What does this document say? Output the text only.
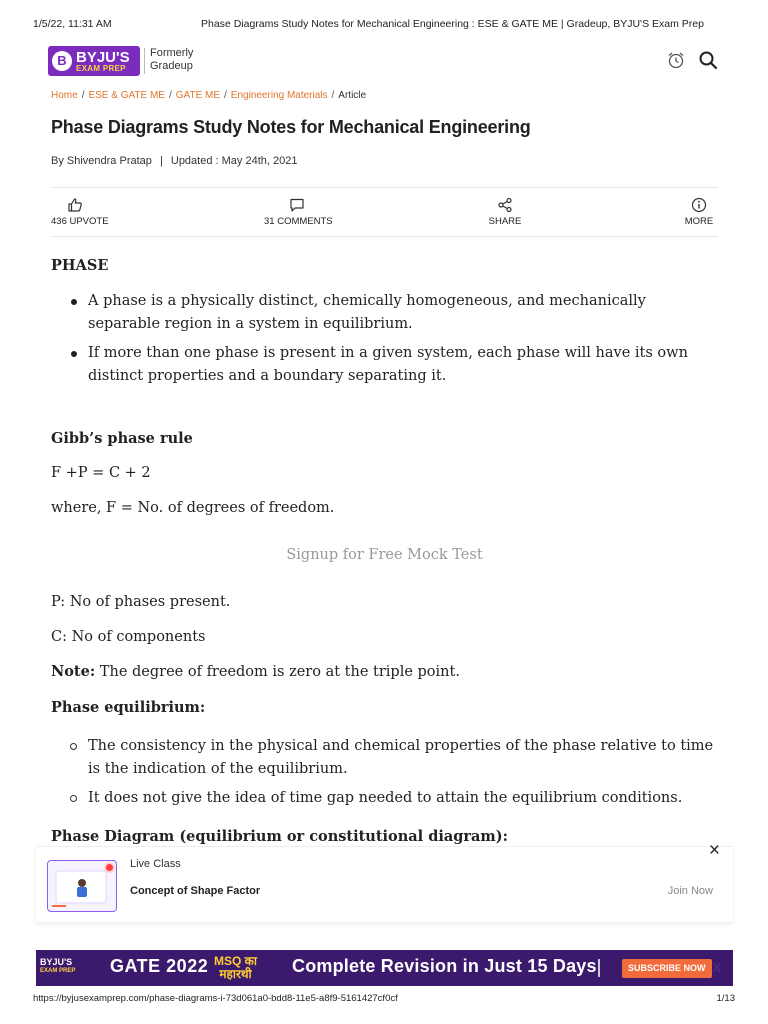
1/5/22, 11:31 AM	Phase Diagrams Study Notes for Mechanical Engineering : ESE & GATE ME | Gradeup, BYJU'S Exam Prep
B BYJU'S
EXAM PREP
Formerly
Gradeup
Home / ESE & GATE ME / GATE ME / Engineering Materials / Article
Phase Diagrams Study Notes for Mechanical Engineering
By Shivendra Pratap | Updated : May 24th, 2021
436 UPVOTE	31 COMMENTS	SHARE	MORE
PHASE
A phase is a physically distinct, chemically homogeneous, and mechanically separable region in a system in equilibrium.
If more than one phase is present in a given system, each phase will have its own distinct properties and a boundary separating it.
Gibb’s phase rule
F +P = C + 2
where, F = No. of degrees of freedom.
Signup for Free Mock Test
P: No of phases present.
C: No of components
Note: The degree of freedom is zero at the triple point.
Phase equilibrium:
The consistency in the physical and chemical properties of the phase relative to time is the indication of the equilibrium.
It does not give the idea of time gap needed to attain the equilibrium conditions.
Phase Diagram (equilibrium or constitutional diagram):
Live Class
Concept of Shape Factor	Join Now
×
BYJU'S
EXAM PREP GATE 2022 MSQ का
महारथी Complete Revision in Just 15 Days	SUBSCRIBE NOW X
https://byjusexamprep.com/phase-diagrams-i-73d061a0-bdd8-11e5-a8f9-5161427cf0cf	1/13
